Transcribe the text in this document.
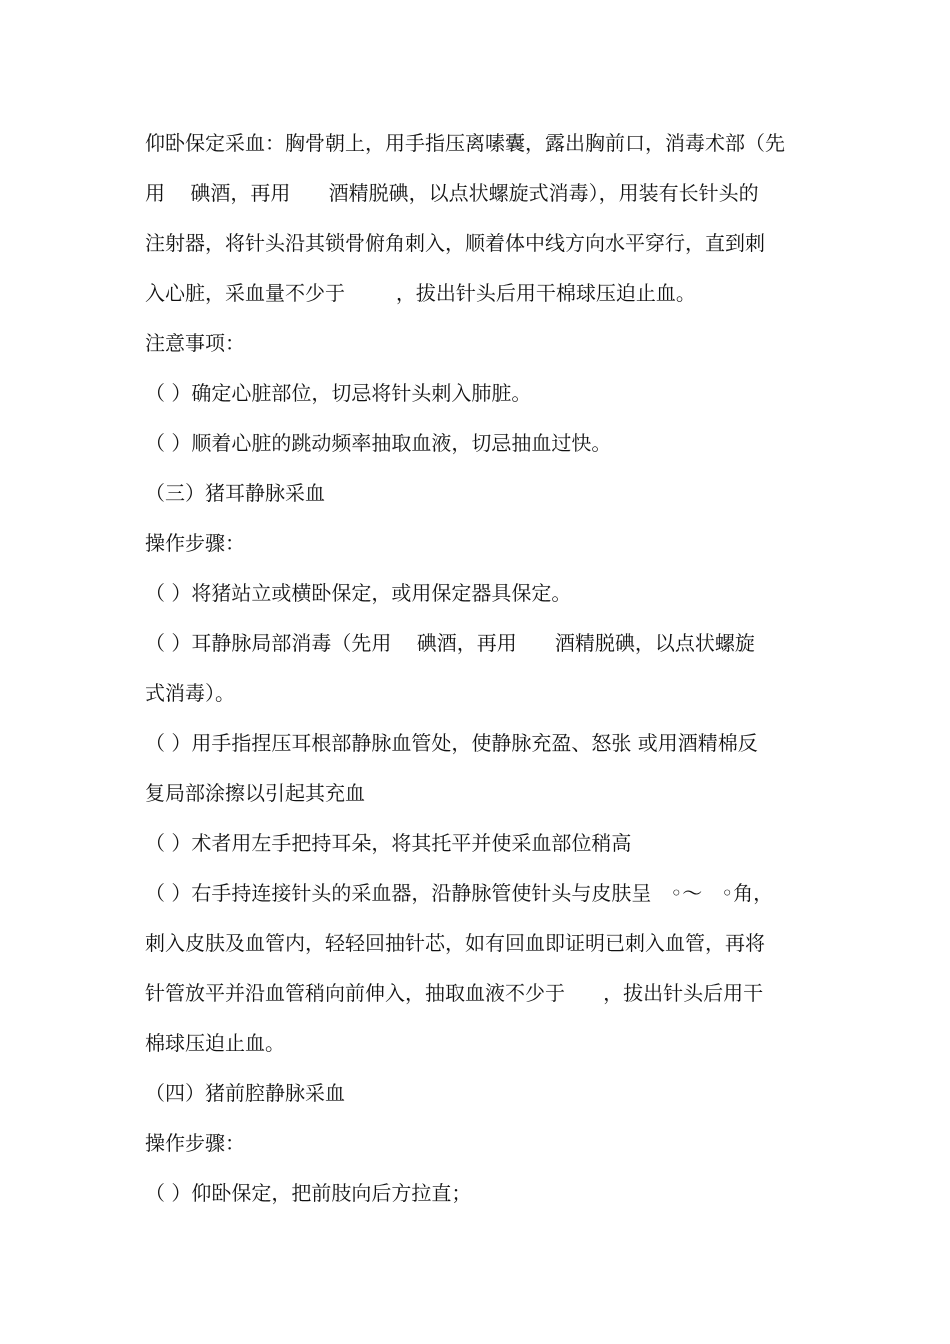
仰卧保定采血：胸骨朝上，用手指压离嗉囊，露出胸前口，消毒术部（先
用    碘酒，再用      酒精脱碘，以点状螺旋式消毒），用装有长针头的
注射器，将针头沿其锁骨俯角刺入，顺着体中线方向水平穿行，直到刺
入心脏，采血量不少于        ，拔出针头后用干棉球压迫止血。
注意事项：
（ ）确定心脏部位，切忌将针头刺入肺脏。
（ ）顺着心脏的跳动频率抽取血液，切忌抽血过快。
（三）猪耳静脉采血
操作步骤：
（ ）将猪站立或横卧保定，或用保定器具保定。
（ ）耳静脉局部消毒（先用    碘酒，再用      酒精脱碘，以点状螺旋
式消毒）。
（ ）用手指捏压耳根部静脉血管处，使静脉充盈、怒张 或用酒精棉反
复局部涂擦以引起其充血
（ ）术者用左手把持耳朵，将其托平并使采血部位稍高
（ ）右手持连接针头的采血器，沿静脉管使针头与皮肤呈   ◦～   ◦角，
刺入皮肤及血管内，轻轻回抽针芯，如有回血即证明已刺入血管，再将
针管放平并沿血管稍向前伸入，抽取血液不少于      ，拔出针头后用干
棉球压迫止血。
（四）猪前腔静脉采血
操作步骤：
（ ）仰卧保定，把前肢向后方拉直；
